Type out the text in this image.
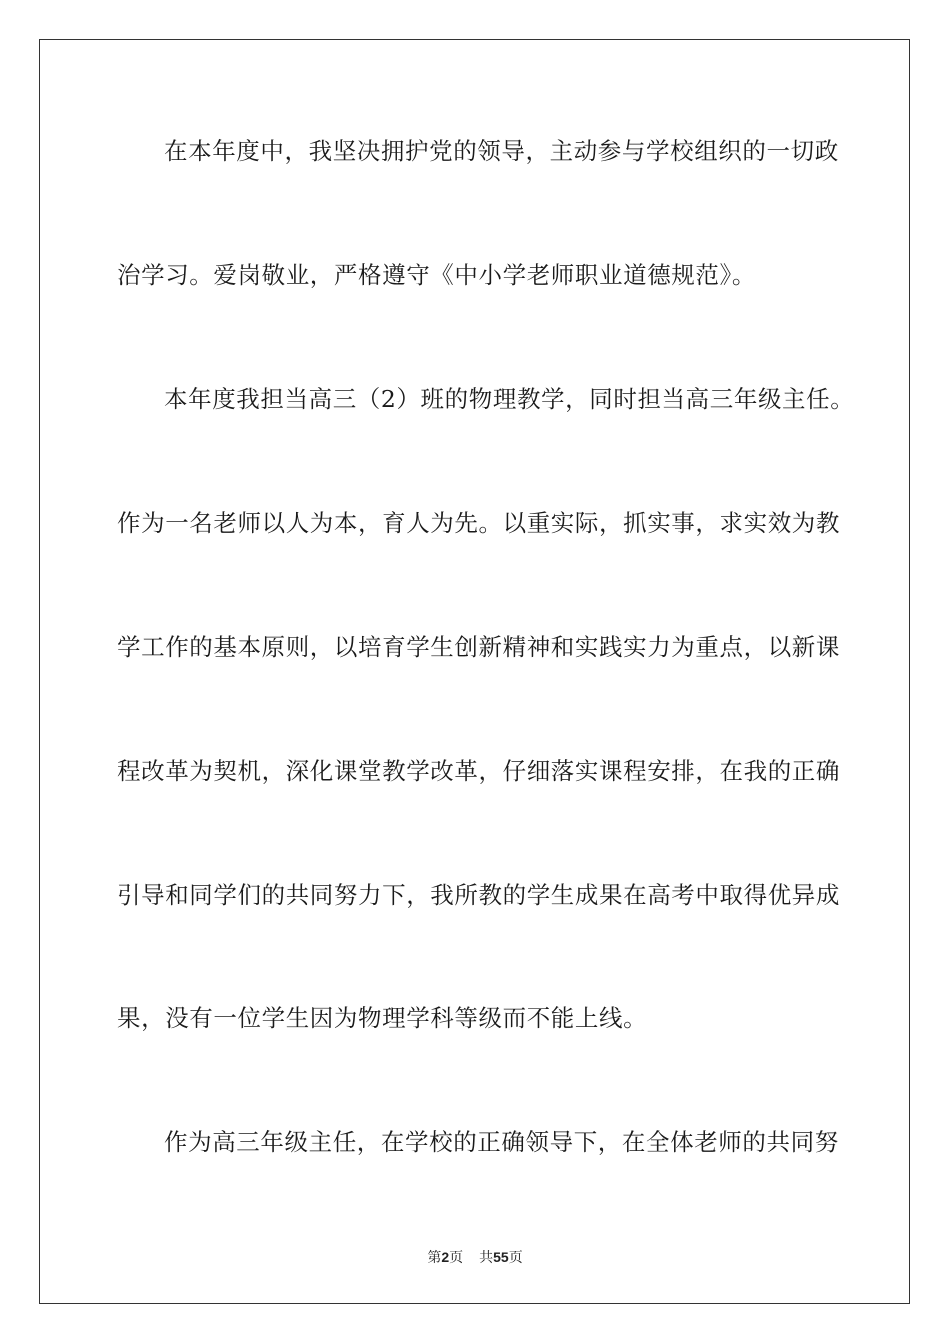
在本年度中，我坚决拥护党的领导，主动参与学校组织的一切政
治学习。爱岗敬业，严格遵守《中小学老师职业道德规范》。
本年度我担当高三（2）班的物理教学，同时担当高三年级主任。
作为一名老师以人为本，育人为先。以重实际，抓实事，求实效为教
学工作的基本原则，以培育学生创新精神和实践实力为重点，以新课
程改革为契机，深化课堂教学改革，仔细落实课程安排，在我的正确
引导和同学们的共同努力下，我所教的学生成果在高考中取得优异成
果，没有一位学生因为物理学科等级而不能上线。
作为高三年级主任，在学校的正确领导下，在全体老师的共同努
第2页 共55页
